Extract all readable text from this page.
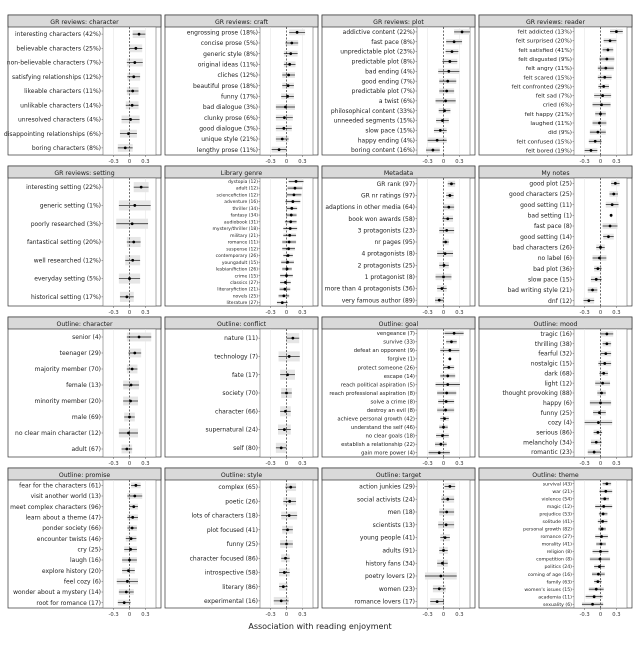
GR reviews: character
interesting characters (42%)
believable characters (25%)
non-believable characters (7%)
satisfying relationships (12%)
likeable characters (11%)
unlikable characters (14%)
unresolved characters (4%)
disappointing relationships (6%)
boring characters (8%)
-0.3 0 0.3
GR reviews: craft
engrossing prose (18%)
concise prose (5%)
generic style (8%)
original ideas (11%)
cliches (12%)
beautiful prose (18%)
funny (17%)
bad dialogue (3%)
clunky prose (6%)
good dialogue (3%)
unique style (21%)
lengthy prose (11%)
-0.3 0 0.3
GR reviews: plot
addictive content (22%)
fast pace (8%)
unpredictable plot (23%)
predictable plot (8%)
bad ending (4%)
good ending (7%)
predictable plot (7%)
a twist (6%)
philosophical content (33%)
unneeded segments (15%)
slow pace (15%)
happy ending (4%)
boring content (16%)
-0.3 0 0.3
GR reviews: reader
felt addicted (13%)
felt surprised (20%)
felt satisfied (41%)
felt disgusted (9%)
felt angry (11%)
felt scared (15%)
felt confronted (29%)
felt sad (7%)
cried (6%)
felt happy (21%)
laughed (11%)
did (9%)
felt confused (15%)
felt bored (19%)
-0.3 0 0.3
GR reviews: setting
interesting setting (22%)
generic setting (1%)
poorly researched (3%)
fantastical setting (20%)
well researched (12%)
everyday setting (5%)
historical setting (17%)
-0.3 0 0.3
Library genre
dystopia (12)
adult (12)
sciencefiction (12)
adventure (16)
thriller (34)
fantasy (34)
audiobook (31)
mystery/thriller (18)
military (21)
romance (11)
suspense (12)
contemporary (26)
youngadult (15)
lesbian/fiction (26)
crime (15)
classics (27)
literaryfiction (21)
novels (25)
literature (27)
-0.3 0 0.3
Metadata
GR rank (97)
GR nr ratings (97)
adaptions in other media (64)
book won awards (58)
3 protagonists (23)
nr pages (95)
4 protagonists (8)
2 protagonists (25)
1 protagonist (8)
more than 4 protagonists (36)
very famous author (89)
-0.3 0 0.3
My notes
good plot (25)
good characters (25)
good setting (11)
bad setting (1)
fast pace (8)
good setting (14)
bad characters (26)
no label (6)
bad plot (36)
slow pace (15)
bad writing style (21)
dnf (12)
-0.3 0 0.3
Outline: character
senior (4)
teenager (29)
majority member (70)
female (13)
minority member (20)
male (69)
no clear main character (12)
adult (67)
-0.3 0 0.3
Outline: conflict
nature (11)
technology (7)
fate (17)
society (70)
character (66)
supernatural (24)
self (80)
-0.3 0 0.3
Outline: goal
vengeance (7)
survive (33)
defeat an opponent (9)
forgive (1)
protect someone (26)
escape (14)
reach political aspiration (5)
reach professional aspiration (8)
solve a crime (8)
destroy an evil (8)
achieve personal growth (42)
understand the self (46)
no clear goals (18)
establish a relationship (22)
gain more power (4)
-0.3 0 0.3
Outline: mood
tragic (16)
thrilling (38)
fearful (32)
nostalgic (15)
dark (68)
light (12)
thought provoking (88)
happy (6)
funny (25)
cozy (4)
serious (86)
melancholy (34)
romantic (23)
-0.3 0 0.3
Outline: promise
fear for the characters (61)
visit another world (13)
meet complex characters (96)
learn about a theme (47)
ponder society (66)
encounter twists (46)
cry (25)
laugh (16)
explore history (20)
feel cozy (6)
wonder about a mystery (14)
root for romance (17)
-0.3 0 0.3
Outline: style
complex (65)
poetic (26)
lots of characters (18)
plot focused (41)
funny (25)
character focused (86)
introspective (58)
literary (86)
experimental (16)
-0.3 0 0.3
Outline: target
action junkies (29)
social activists (24)
men (18)
scientists (13)
young people (41)
adults (91)
history fans (34)
poetry lovers (2)
women (23)
romance lovers (17)
-0.3 0 0.3
Outline: theme
survival (43)
war (21)
violence (54)
magic (12)
prejudice (53)
solitude (41)
personal growth (82)
romance (27)
morality (41)
religion (8)
competition (8)
politics (24)
coming of age (16)
family (63)
women's issues (15)
academia (11)
sexuality (6)
-0.3 0 0.3
Association with reading enjoyment
